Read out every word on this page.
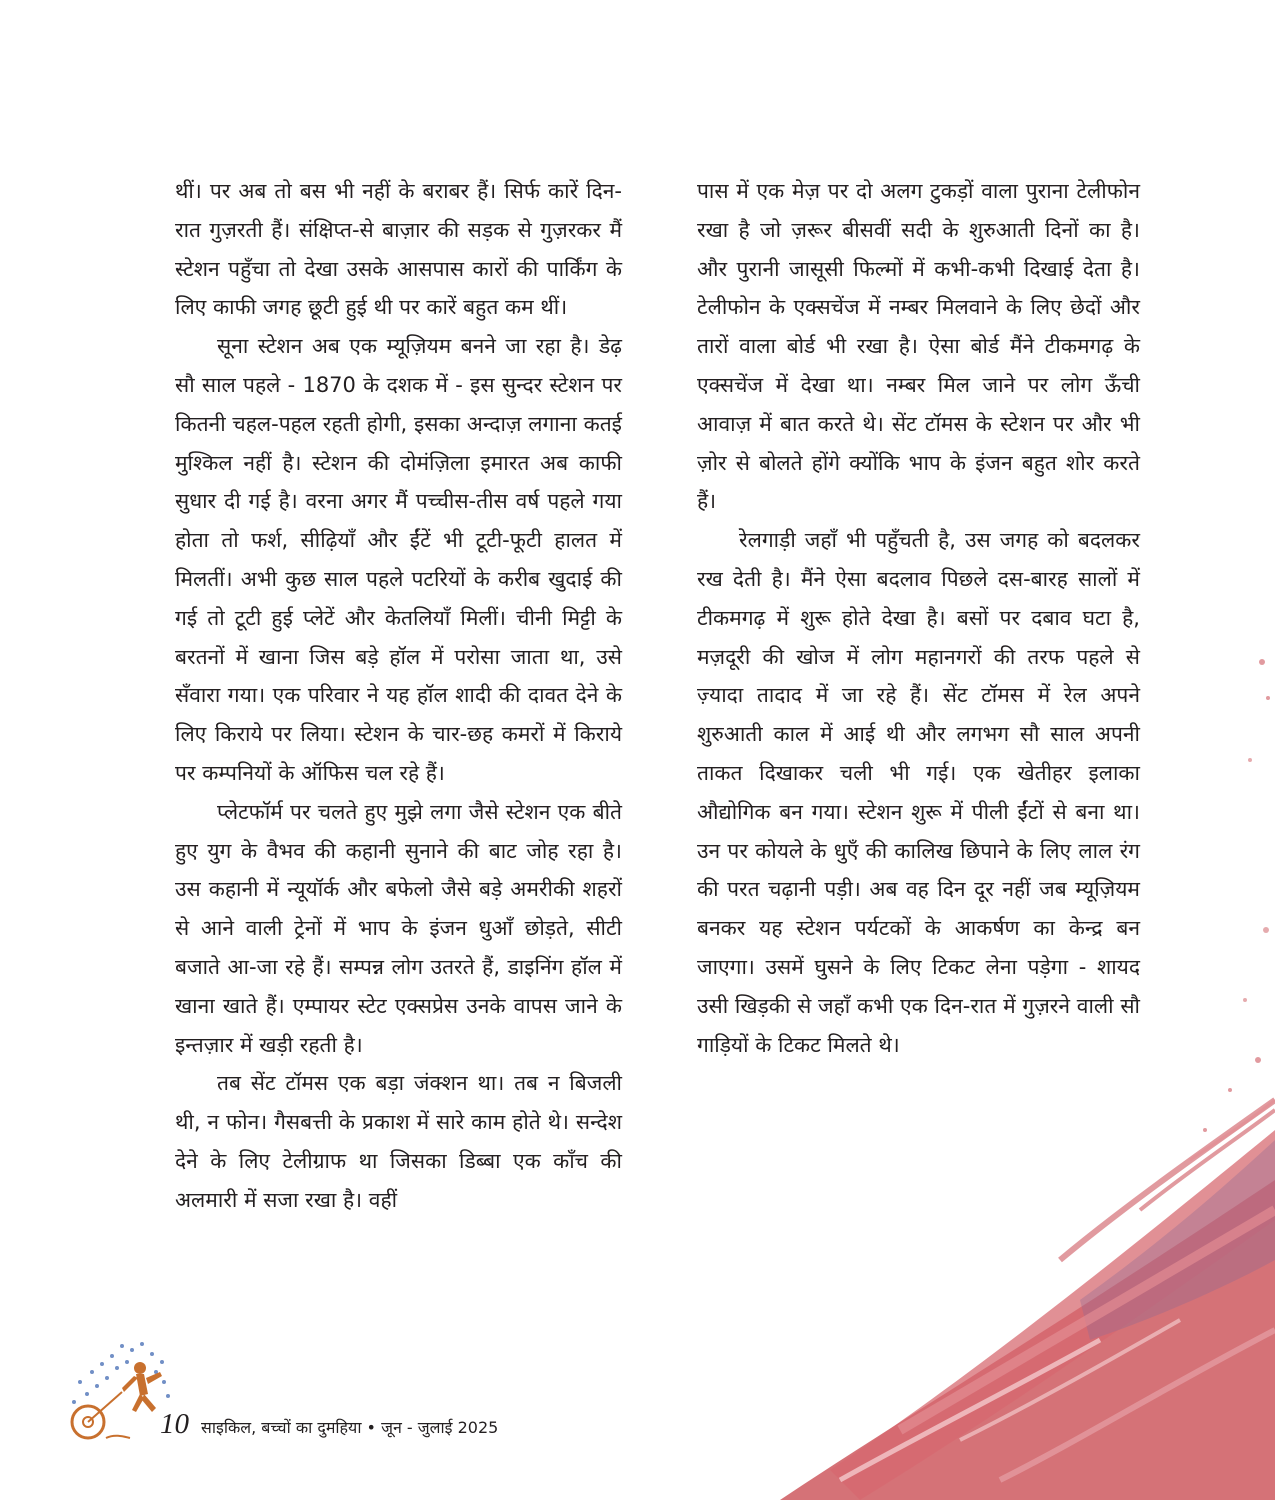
थीं। पर अब तो बस भी नहीं के बराबर हैं। सिर्फ कारें दिन-रात गुज़रती हैं। संक्षिप्त-से बाज़ार की सड़क से गुज़रकर मैं स्टेशन पहुँचा तो देखा उसके आसपास कारों की पार्किंग के लिए काफी जगह छूटी हुई थी पर कारें बहुत कम थीं।

सूना स्टेशन अब एक म्यूज़ियम बनने जा रहा है। डेढ़ सौ साल पहले - 1870 के दशक में - इस सुन्दर स्टेशन पर कितनी चहल-पहल रहती होगी, इसका अन्दाज़ लगाना कतई मुश्किल नहीं है। स्टेशन की दोमंज़िला इमारत अब काफी सुधार दी गई है। वरना अगर मैं पच्चीस-तीस वर्ष पहले गया होता तो फर्श, सीढ़ियाँ और ईंटें भी टूटी-फूटी हालत में मिलतीं। अभी कुछ साल पहले पटरियों के करीब खुदाई की गई तो टूटी हुई प्लेटें और केतलियाँ मिलीं। चीनी मिट्टी के बरतनों में खाना जिस बड़े हॉल में परोसा जाता था, उसे सँवारा गया। एक परिवार ने यह हॉल शादी की दावत देने के लिए किराये पर लिया। स्टेशन के चार-छह कमरों में किराये पर कम्पनियों के ऑफिस चल रहे हैं।

प्लेटफॉर्म पर चलते हुए मुझे लगा जैसे स्टेशन एक बीते हुए युग के वैभव की कहानी सुनाने की बाट जोह रहा है। उस कहानी में न्यूयॉर्क और बफेलो जैसे बड़े अमरीकी शहरों से आने वाली ट्रेनों में भाप के इंजन धुआँ छोड़ते, सीटी बजाते आ-जा रहे हैं। सम्पन्न लोग उतरते हैं, डाइनिंग हॉल में खाना खाते हैं। एम्पायर स्टेट एक्सप्रेस उनके वापस जाने के इन्तज़ार में खड़ी रहती है।

तब सेंट टॉमस एक बड़ा जंक्शन था। तब न बिजली थी, न फोन। गैसबत्ती के प्रकाश में सारे काम होते थे। सन्देश देने के लिए टेलीग्राफ था जिसका डिब्बा एक काँच की अलमारी में सजा रखा है। वहीं

पास में एक मेज़ पर दो अलग टुकड़ों वाला पुराना टेलीफोन रखा है जो ज़रूर बीसवीं सदी के शुरुआती दिनों का है। और पुरानी जासूसी फिल्मों में कभी-कभी दिखाई देता है। टेलीफोन के एक्सचेंज में नम्बर मिलवाने के लिए छेदों और तारों वाला बोर्ड भी रखा है। ऐसा बोर्ड मैंने टीकमगढ़ के एक्सचेंज में देखा था। नम्बर मिल जाने पर लोग ऊँची आवाज़ में बात करते थे। सेंट टॉमस के स्टेशन पर और भी ज़ोर से बोलते होंगे क्योंकि भाप के इंजन बहुत शोर करते हैं।

रेलगाड़ी जहाँ भी पहुँचती है, उस जगह को बदलकर रख देती है। मैंने ऐसा बदलाव पिछले दस-बारह सालों में टीकमगढ़ में शुरू होते देखा है। बसों पर दबाव घटा है, मज़दूरी की खोज में लोग महानगरों की तरफ पहले से ज़्यादा तादाद में जा रहे हैं। सेंट टॉमस में रेल अपने शुरुआती काल में आई थी और लगभग सौ साल अपनी ताकत दिखाकर चली भी गई। एक खेतीहर इलाका औद्योगिक बन गया। स्टेशन शुरू में पीली ईंटों से बना था। उन पर कोयले के धुएँ की कालिख छिपाने के लिए लाल रंग की परत चढ़ानी पड़ी। अब वह दिन दूर नहीं जब म्यूज़ियम बनकर यह स्टेशन पर्यटकों के आकर्षण का केन्द्र बन जाएगा। उसमें घुसने के लिए टिकट लेना पड़ेगा - शायद उसी खिड़की से जहाँ कभी एक दिन-रात में गुज़रने वाली सौ गाड़ियों के टिकट मिलते थे।

10 साइकिल, बच्चों का दुमहिया • जून - जुलाई 2025
